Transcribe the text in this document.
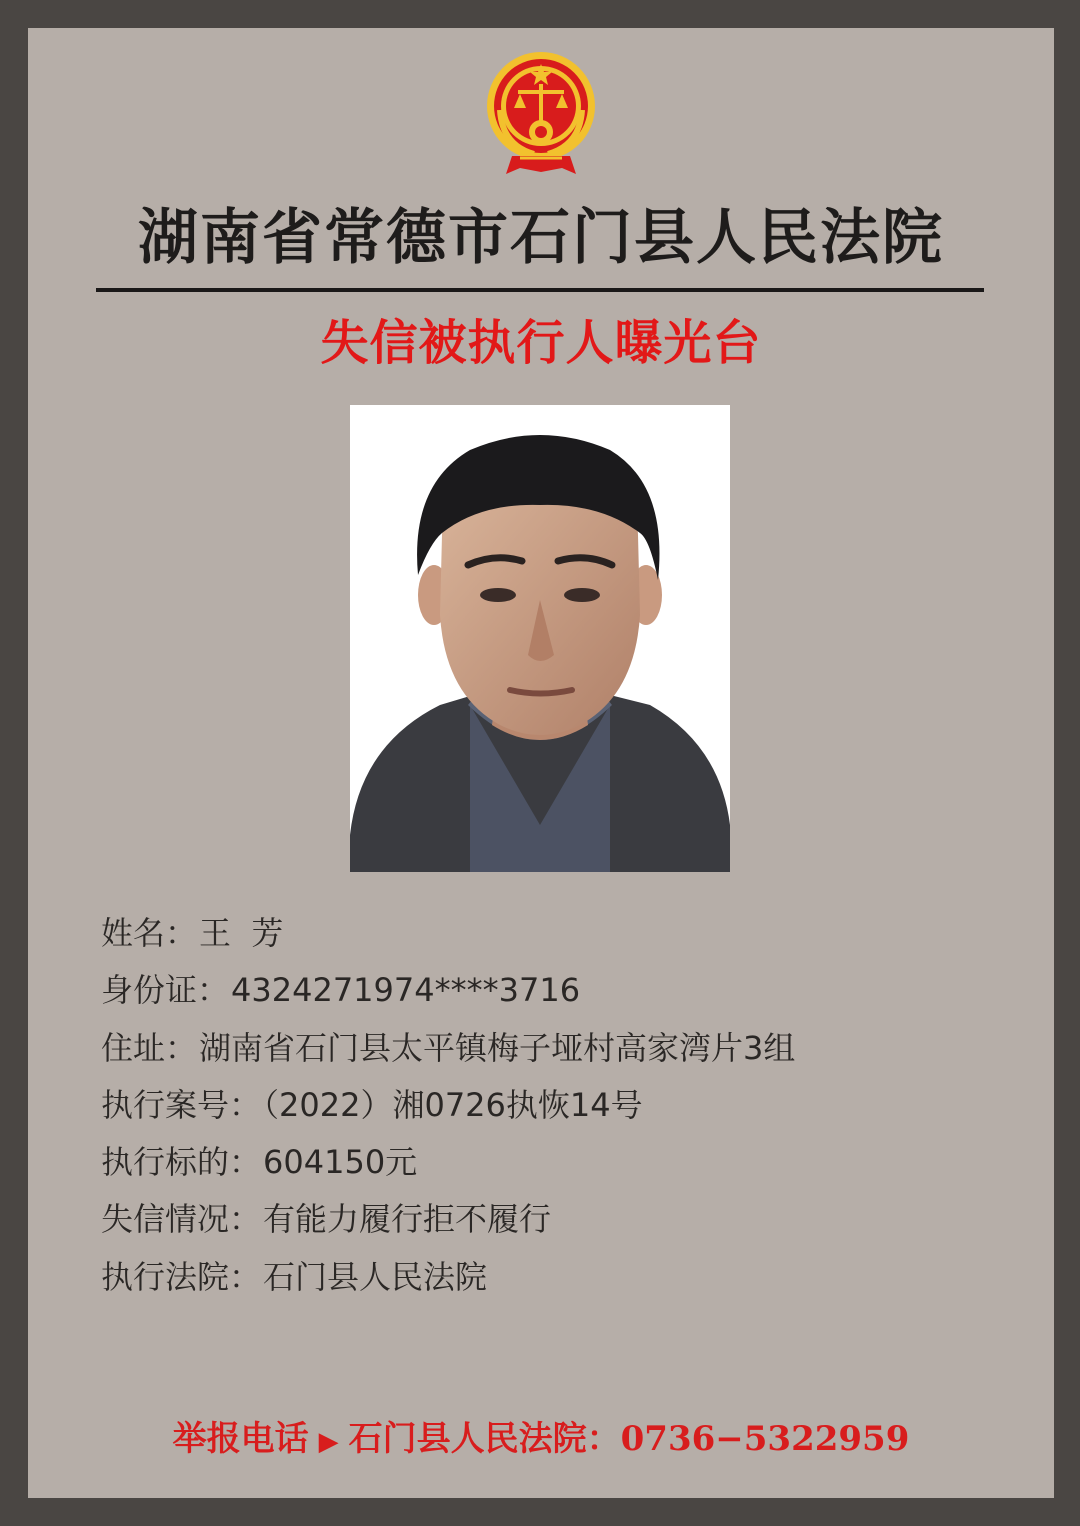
湖南省常德市石门县人民法院
失信被执行人曝光台
姓名：王  芳
身份证：4324271974****3716
住址：湖南省石门县太平镇梅子垭村高家湾片3组
执行案号：（2022）湘0726执恢14号
执行标的：604150元
失信情况：有能力履行拒不履行
执行法院：石门县人民法院
举报电话 ▶ 石门县人民法院：0736−5322959
